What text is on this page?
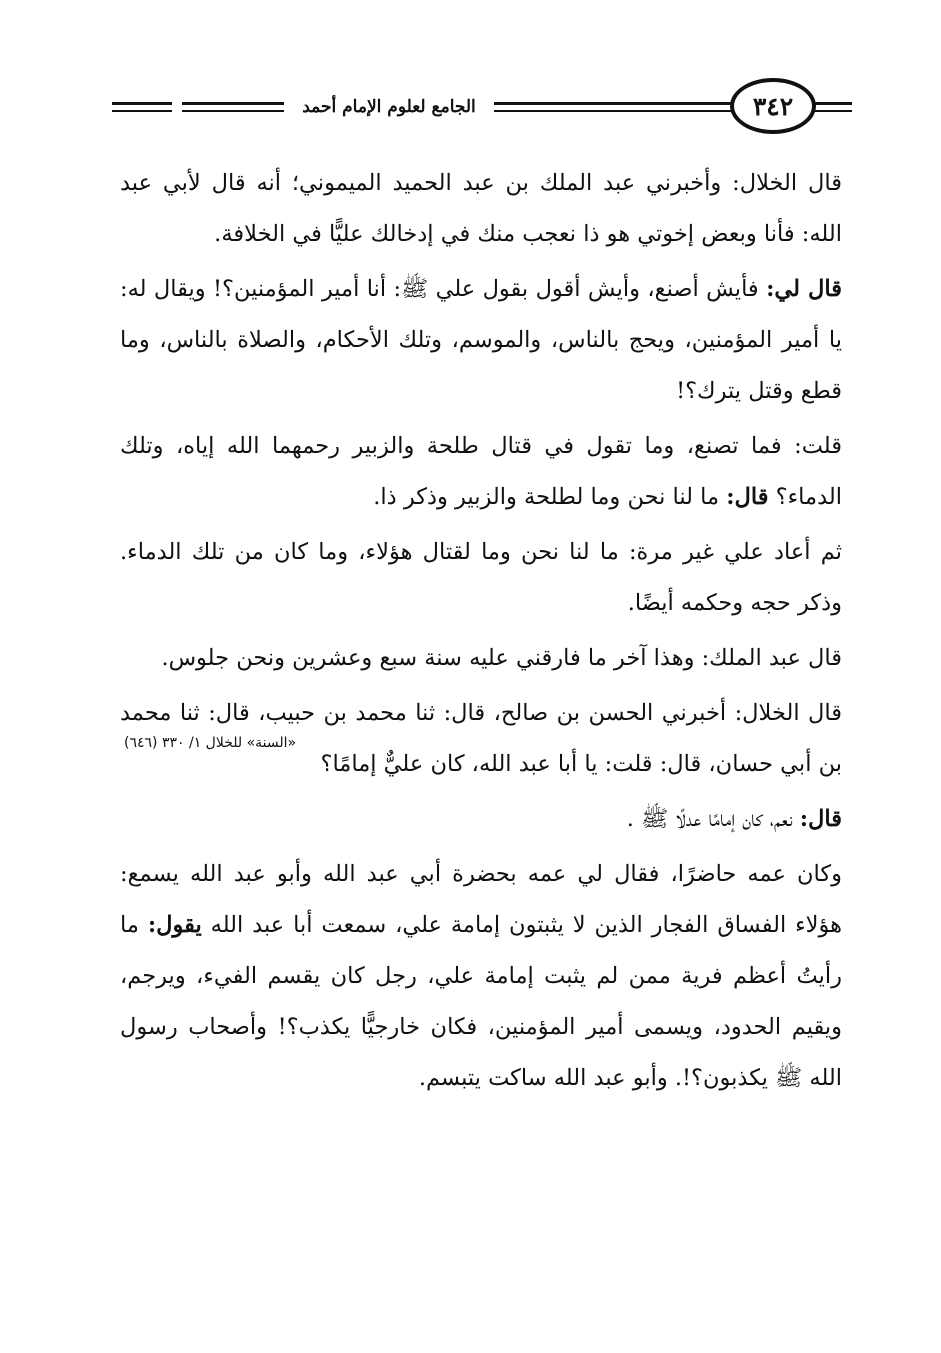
الجامع لعلوم الإمام أحمد	٣٤٢

قال الخلال: وأخبرني عبد الملك بن عبد الحميد الميموني؛ أنه قال لأبي عبد الله: فأنا وبعض إخوتي هو ذا نعجب منك في إدخالك عليًّا في الخلافة.

قال لي: فأيش أصنع، وأيش أقول بقول علي ﷺ: أنا أمير المؤمنين؟! ويقال له: يا أمير المؤمنين، ويحج بالناس، والموسم، وتلك الأحكام، والصلاة بالناس، وما قطع وقتل يترك؟!

قلت: فما تصنع، وما تقول في قتال طلحة والزبير رحمهما الله إياه، وتلك الدماء؟ قال: ما لنا نحن وما لطلحة والزبير وذكر ذا.

ثم أعاد علي غير مرة: ما لنا نحن وما لقتال هؤلاء، وما كان من تلك الدماء. وذكر حجه وحكمه أيضًا.

قال عبد الملك: وهذا آخر ما فارقني عليه سنة سبع وعشرين ونحن جلوس.

قال الخلال: أخبرني الحسن بن صالح، قال: ثنا محمد بن حبيب، قال: ثنا محمد بن أبي حسان، قال: قلت: يا أبا عبد الله، كان عليٌّ إمامًا؟

قال: نعم، كان إمامًا عدلًا ﷺ .

وكان عمه حاضرًا، فقال لي عمه بحضرة أبي عبد الله وأبو عبد الله يسمع: هؤلاء الفساق الفجار الذين لا يثبتون إمامة علي، سمعت أبا عبد الله يقول: ما رأيتُ أعظم فرية ممن لم يثبت إمامة علي، رجل كان يقسم الفيء، ويرجم، ويقيم الحدود، ويسمى أمير المؤمنين، فكان خارجيًّا يكذب؟! وأصحاب رسول الله ﷺ يكذبون؟!. وأبو عبد الله ساكت يتبسم.

«السنة» للخلال ١/ ٣٣٠ (٦٤٦)
